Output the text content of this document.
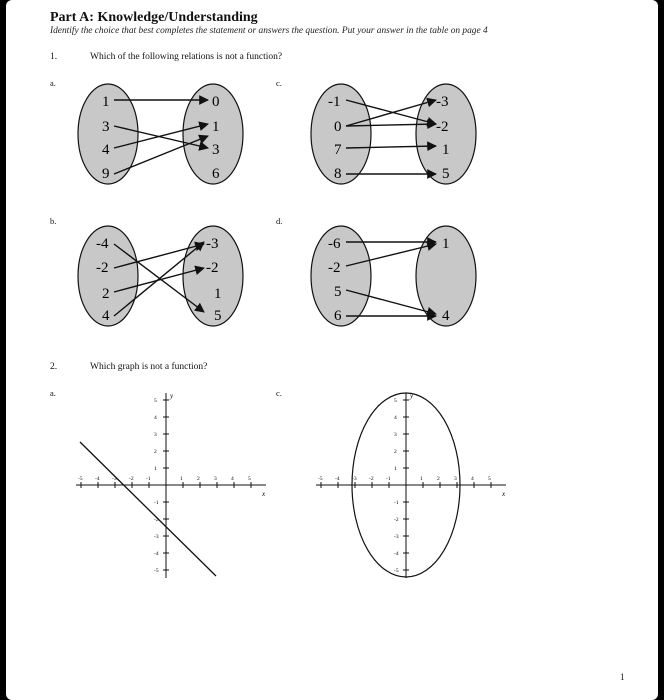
Part A: Knowledge/Understanding
Identify the choice that best completes the statement or answers the question. Put your answer in the table on page 4
1.	Which of the following relations is not a function?
a.	c.
b.	d.
1
3
4
9
0
1
3
6
-1
0
7
8
-3
-2
1
5
-4
-2
2
4
-3
-2
1
5
-6
-2
5
6
1
4
2.	Which graph is not a function?
a.	c.
-5 -4 -3 -2 -1	1	2	3	4	5
5
4
3
2
1
-1
-2
-3
-4
-5
x
y
-5 -4 -3 -2 -1	1	2	3	4	5
5
4
3
2
1
-1
-2
-3
-4
-5
x
y
1
